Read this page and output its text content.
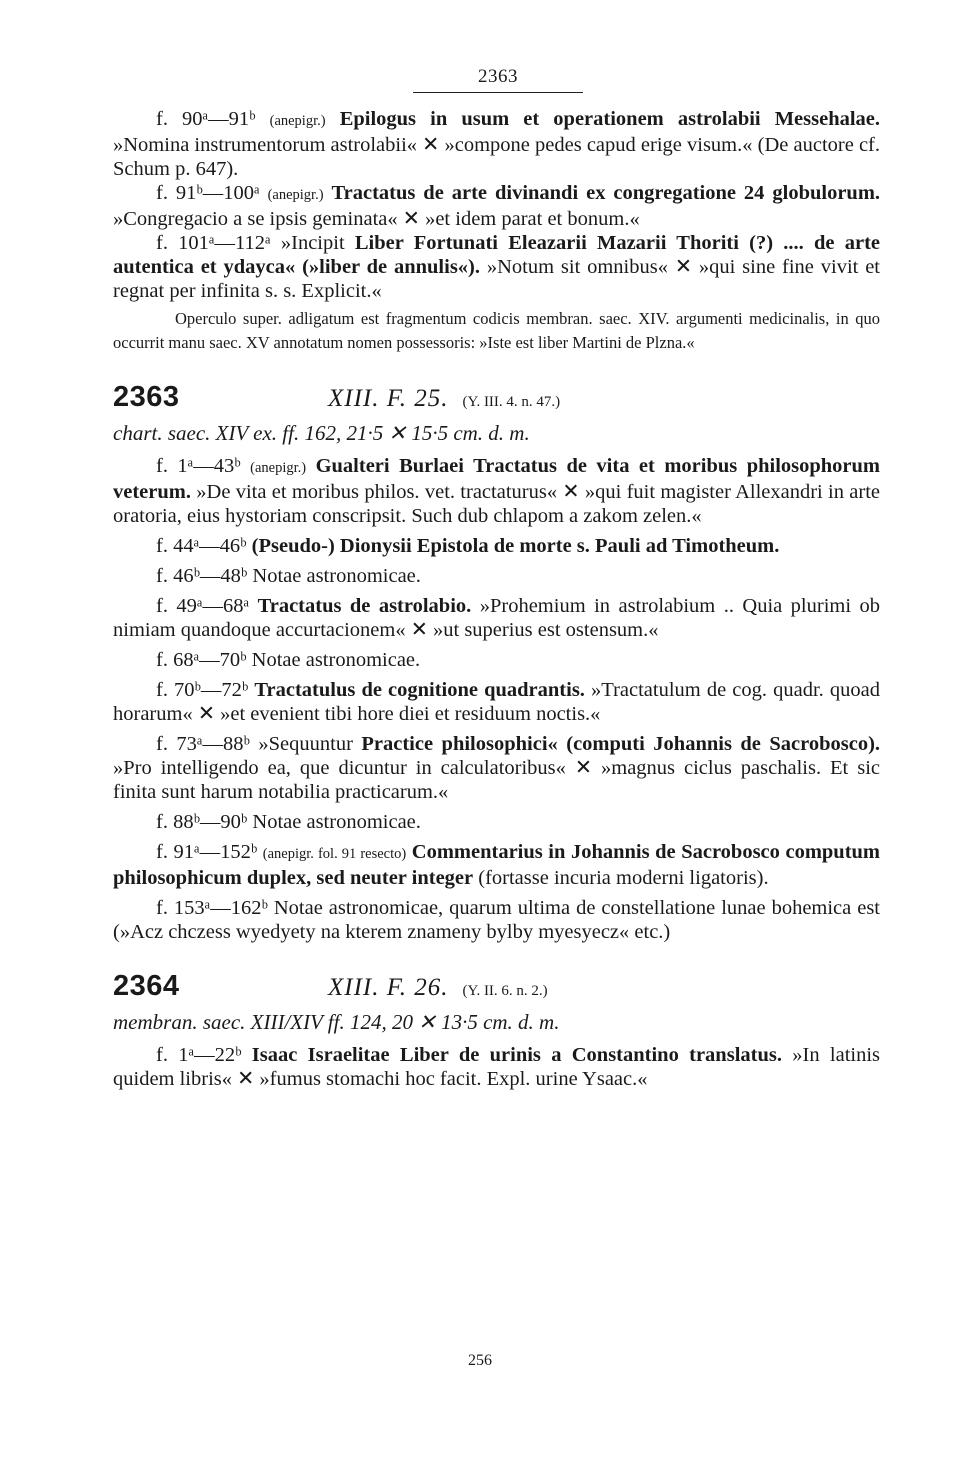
2363

f. 90ᵃ—91ᵇ (anepigr.) Epilogus in usum et operationem astrolabii Messehalae. »Nomina instrumentorum astrolabii« ✕ »compone pedes capud erige visum.« (De auctore cf. Schum p. 647).

f. 91ᵇ—100ᵃ (anepigr.) Tractatus de arte divinandi ex congregatione 24 globulorum. »Congregacio a se ipsis geminata« ✕ »et idem parat et bonum.«

f. 101ᵃ—112ᵃ »Incipit Liber Fortunati Eleazarii Mazarii Thoriti (?) .... de arte autentica et ydayca« (»liber de annulis«). »Notum sit omnibus« ✕ »qui sine fine vivit et regnat per infinita s. s. Explicit.«

Operculo super. adligatum est fragmentum codicis membran. saec. XIV. argumenti medicinalis, in quo occurrit manu saec. XV annotatum nomen possessoris: »Iste est liber Martini de Plzna.«

2363	XIII. F. 25. (Y. III. 4. n. 47.)

chart. saec. XIV ex. ff. 162, 21·5 ✕ 15·5 cm. d. m.

f. 1ᵃ—43ᵇ (anepigr.) Gualteri Burlaei Tractatus de vita et moribus philosophorum veterum. »De vita et moribus philos. vet. tractaturus« ✕ »qui fuit magister Allexandri in arte oratoria, eius hystoriam conscripsit. Such dub chlapom a zakom zelen.«

f. 44ᵃ—46ᵇ (Pseudo-) Dionysii Epistola de morte s. Pauli ad Timotheum.

f. 46ᵇ—48ᵇ Notae astronomicae.

f. 49ᵃ—68ᵃ Tractatus de astrolabio. »Prohemium in astrolabium .. Quia plurimi ob nimiam quandoque accurtacionem« ✕ »ut superius est ostensum.«

f. 68ᵃ—70ᵇ Notae astronomicae.

f. 70ᵇ—72ᵇ Tractatulus de cognitione quadrantis. »Tractatulum de cog. quadr. quoad horarum« ✕ »et evenient tibi hore diei et residuum noctis.«

f. 73ᵃ—88ᵇ »Sequuntur Practice philosophici« (computi Johannis de Sacrobosco). »Pro intelligendo ea, que dicuntur in calculatoribus« ✕ »magnus ciclus paschalis. Et sic finita sunt harum notabilia practicarum.«

f. 88ᵇ—90ᵇ Notae astronomicae.

f. 91ᵃ—152ᵇ (anepigr. fol. 91 resecto) Commentarius in Johannis de Sacrobosco computum philosophicum duplex, sed neuter integer (fortasse incuria moderni ligatoris).

f. 153ᵃ—162ᵇ Notae astronomicae, quarum ultima de constellatione lunae bohemica est (»Acz chczess wyedyety na kterem znameny bylby myesyecz« etc.)

2364	XIII. F. 26. (Y. II. 6. n. 2.)

membran. saec. XIII/XIV ff. 124, 20 ✕ 13·5 cm. d. m.

f. 1ᵃ—22ᵇ Isaac Israelitae Liber de urinis a Constantino translatus. »In latinis quidem libris« ✕ »fumus stomachi hoc facit. Expl. urine Ysaac.«

256
